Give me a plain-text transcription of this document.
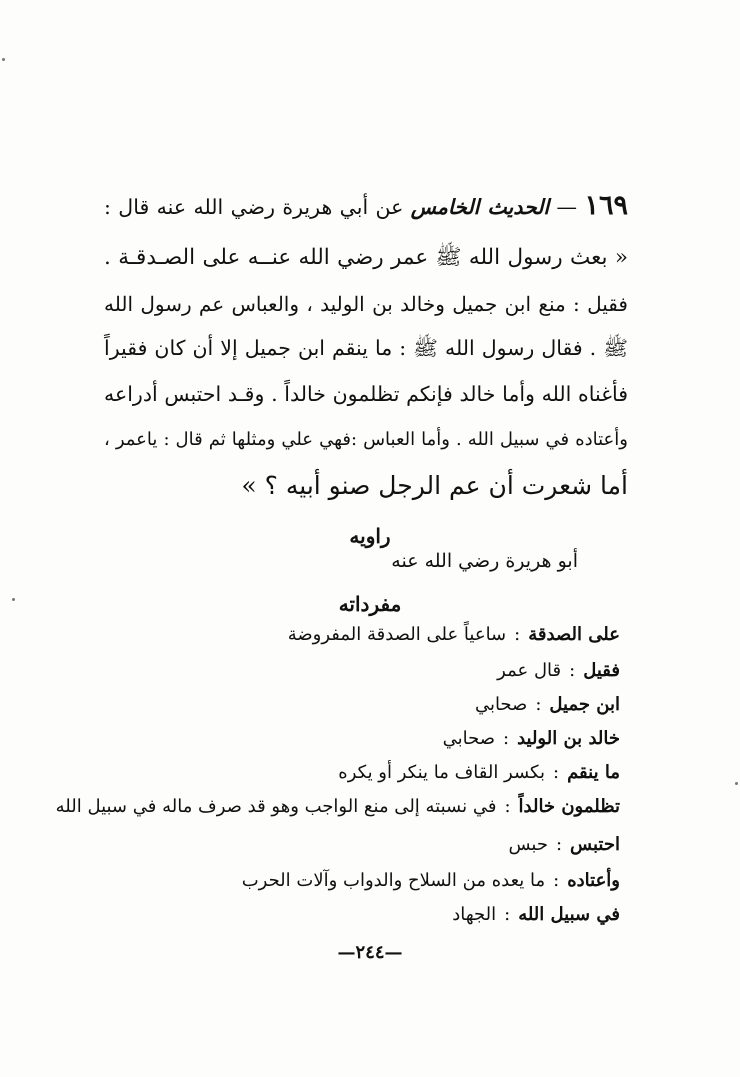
١٦٩ — الحديث الخامس عن أبي هريرة رضي الله عنه قال :
« بعث رسول الله ﷺ عمر رضي الله عنــه على الصـدقـة .
فقيل : منع ابن جميل وخالد بن الوليد ، والعباس عم رسول الله
ﷺ . فقال رسول الله ﷺ : ما ينقم ابن جميل إلا أن كان فقيراً
فأغناه الله وأما خالد فإنكم تظلمون خالداً . وقـد احتبس أدراعه
وأعتاده في سبيل الله . وأما العباس :فهي علي ومثلها ثم قال : ياعمر ،
أما شعرت أن عم الرجل صنو أبيه ؟ »
راويه
أبو هريرة رضي الله عنه
مفرداته
على الصدقة:ساعياً على الصدقة المفروضة
فقيل:قال عمر
ابن جميل:صحابي
خالد بن الوليد:صحابي
ما ينقم:بكسر القاف ما ينكر أو يكره
تظلمون خالداً:في نسبته إلى منع الواجب وهو قد صرف ماله في سبيل الله
احتبس:حبس
وأعتاده:ما يعده من السلاح والدواب وآلات الحرب
في سبيل الله:الجهاد
—٢٤٤—
